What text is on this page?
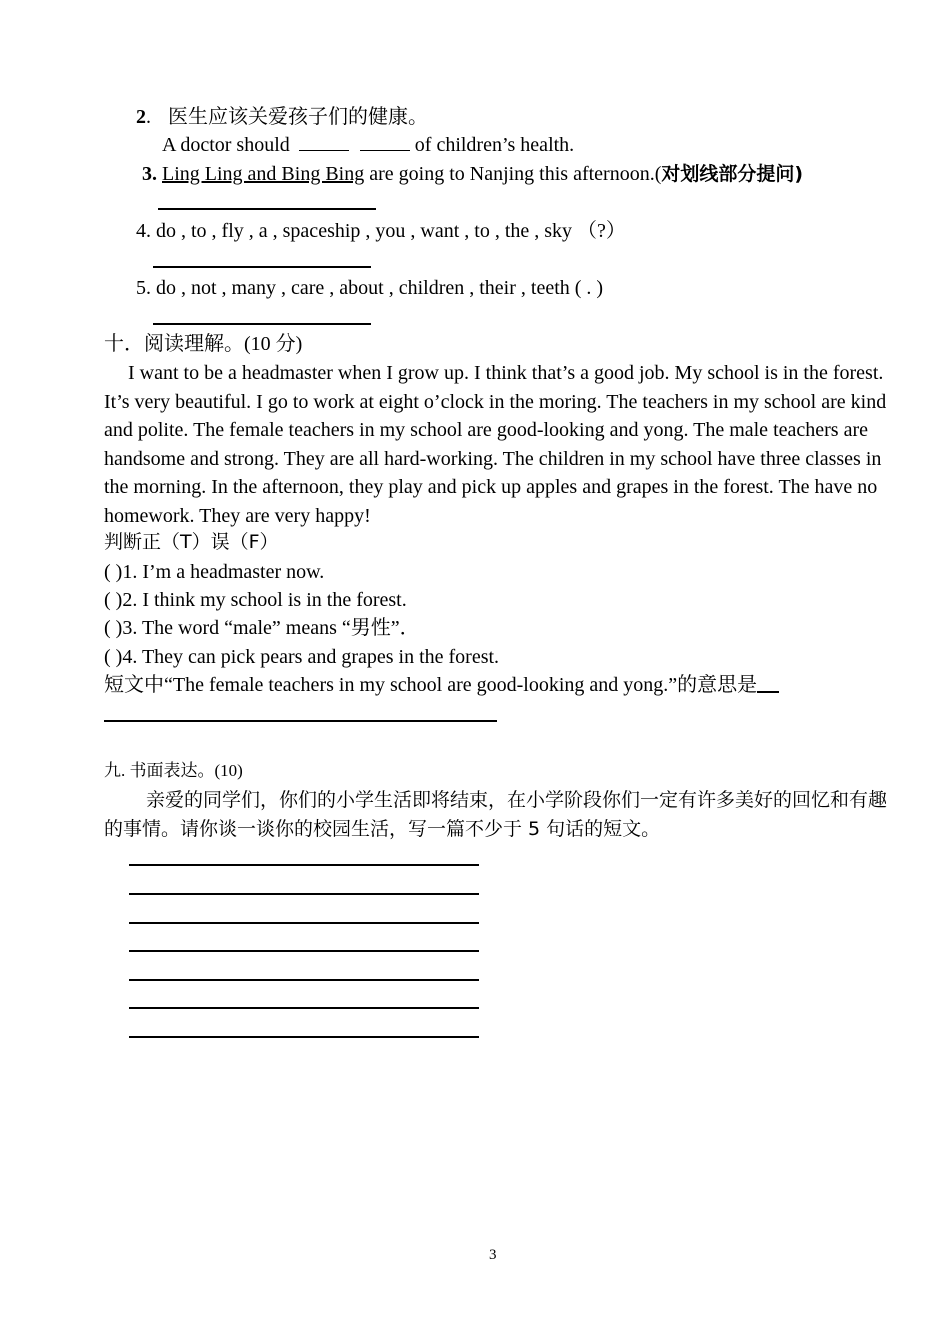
2. 医生应该关爱孩子们的健康。
A doctor should	of children’s health.
3. Ling Ling and Bing Bing are going to Nanjing this afternoon.(对划线部分提问)
4. do , to , fly , a , spaceship , you , want , to , the , sky （?）
5. do , not , many , care , about , children , their , teeth ( . )
十．阅读理解。(10 分)
I want to be a headmaster when I grow up. I think that’s a good job. My school is in the forest. It’s very beautiful. I go to work at eight o’clock in the moring. The teachers in my school are kind and polite. The female teachers in my school are good-looking and yong. The male teachers are handsome and strong. They are all hard-working. The children in my school have three classes in the morning. In the afternoon, they play and pick up apples and grapes in the forest. The have no homework. They are very happy!
判断正（T）误（F）
( )1. I’m a headmaster now.
( )2. I think my school is in the forest.
( )3. The word “male” means “男性”．
( )4. They can pick pears and grapes in the forest.
短文中“The female teachers in my school are good-looking and yong.”的意思是
九. 书面表达。(10)
亲爱的同学们，你们的小学生活即将结束，在小学阶段你们一定有许多美好的回忆和有趣的事情。请你谈一谈你的校园生活，写一篇不少于 5 句话的短文。
3
